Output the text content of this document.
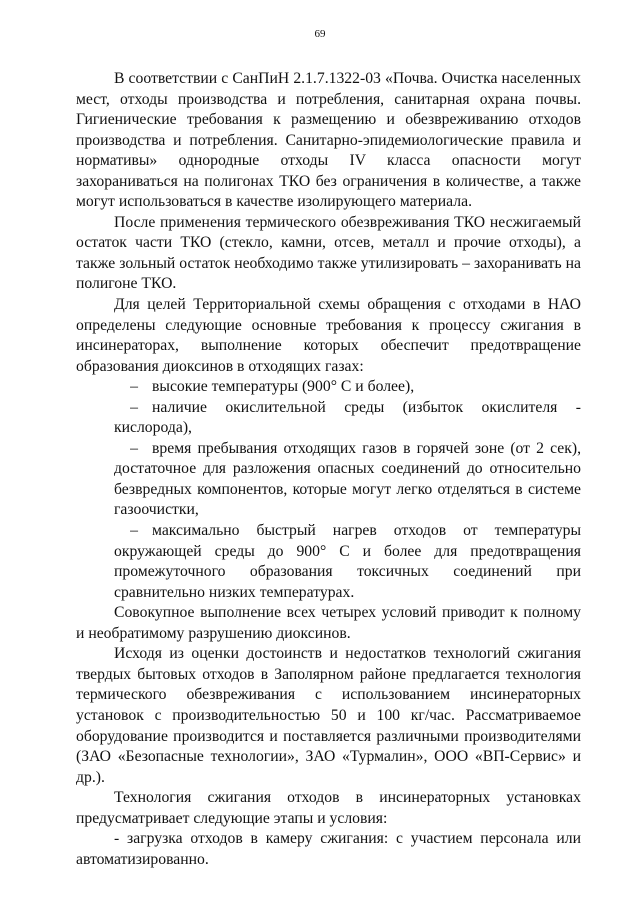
69

В соответствии с СанПиН 2.1.7.1322-03 «Почва. Очистка населенных мест, отходы производства и потребления, санитарная охрана почвы. Гигиенические требования к размещению и обезвреживанию отходов производства и потребления. Санитарно-эпидемиологические правила и нормативы» однородные отходы IV класса опасности могут захораниваться на полигонах ТКО без ограничения в количестве, а также могут использоваться в качестве изолирующего материала.

После применения термического обезвреживания ТКО несжигаемый остаток части ТКО (стекло, камни, отсев, металл и прочие отходы), а также зольный остаток необходимо также утилизировать – захоранивать на полигоне ТКО.

Для целей Территориальной схемы обращения с отходами в НАО определены следующие основные требования к процессу сжигания в инсинераторах, выполнение которых обеспечит предотвращение образования диоксинов в отходящих газах:

– высокие температуры (900° С и более),

– наличие окислительной среды (избыток окислителя - кислорода),

– время пребывания отходящих газов в горячей зоне (от 2 сек), достаточное для разложения опасных соединений до относительно безвредных компонентов, которые могут легко отделяться в системе газоочистки,

– максимально быстрый нагрев отходов от температуры окружающей среды до 900° С и более для предотвращения промежуточного образования токсичных соединений при сравнительно низких температурах.

Совокупное выполнение всех четырех условий приводит к полному и необратимому разрушению диоксинов.

Исходя из оценки достоинств и недостатков технологий сжигания твердых бытовых отходов в Заполярном районе предлагается технология термического обезвреживания с использованием инсинераторных установок с производительностью 50 и 100 кг/час. Рассматриваемое оборудование производится и поставляется различными производителями (ЗАО «Безопасные технологии», ЗАО «Турмалин», ООО «ВП-Сервис» и др.).

Технология сжигания отходов в инсинераторных установках предусматривает следующие этапы и условия:

- загрузка отходов в камеру сжигания: с участием персонала или автоматизированно.
